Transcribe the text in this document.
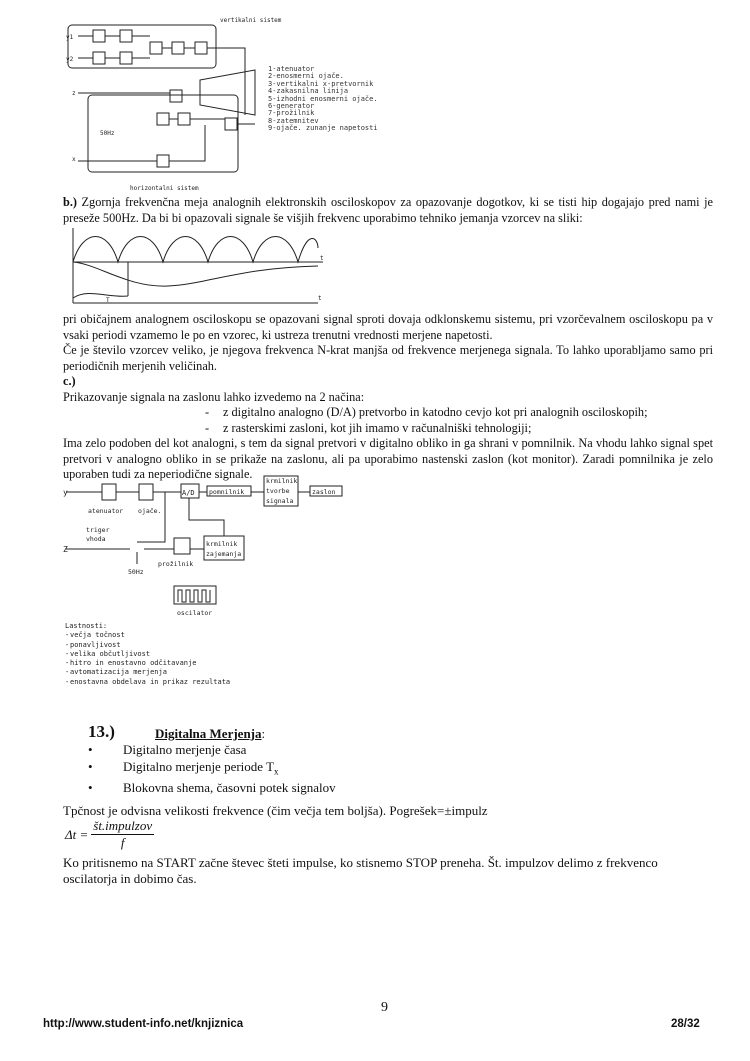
vertikalni sistem
horizontalni sistem
y1
y2
z
x
50Hz
1-atenuator
2-enosmerni ojače.
3-vertikalni x-pretvornik
4-zakasnilna linija
5-izhodni enosmerni ojače.
6-generator
7-prožilnik
8-zatemnitev
9-ojače. zunanje napetosti
b.) Zgornja frekvenčna meja analognih elektronskih osciloskopov za opazovanje dogotkov, ki se tisti hip dogajajo pred nami je preseže 500Hz. Da bi bi opazovali signale še višjih frekvenc uporabimo tehniko jemanja vzorcev na sliki:
t
T	t
pri običajnem analognem osciloskopu se opazovani signal sproti dovaja odklonskemu sistemu, pri vzorčevalnem osciloskopu pa v vsaki periodi vzamemo le po en vzorec, ki ustreza trenutni vrednosti merjene napetosti.
Če je število vzorcev veliko, je njegova frekvenca N-krat manjša od frekvence merjenega signala. To lahko uporabljamo samo pri periodičnih merjenih veličinah.
c.)
Prikazovanje signala na zaslonu lahko izvedemo na 2 načina:
- z digitalno analogno (D/A) pretvorbo in katodno cevjo kot pri analognih osciloskopih;
- z rasterskimi zasloni, kot jih imamo v računalniški tehnologiji;
Ima zelo podoben del kot analogni, s tem da signal pretvori v digitalno obliko in ga shrani v pomnilnik. Na vhodu lahko signal spet pretvori v analogno obliko in se prikaže na zaslonu, ali pa uporabimo nastenski zaslon (kot monitor). Zaradi pomnilnika je zelo uporaben tudi za neperiodične signale.
y
Z
atenuator ojače.
A/D pomnilnik
krmilnik
tvorbe
signala
zaslon
triger
vhoda
50Hz
prožilnik
krmilnik
zajemanja
oscilator
Lastnosti:
- večja točnost
- ponavljivost
- velika občutljivost
- hitro in enostavno odčitavanje
- avtomatizacija merjenja
- enostavna obdelava in prikaz rezultata
13.)	Digitalna Merjenja:
• Digitalno merjenje časa
• Digitalno merjenje periode $T_x$
• Blokovna shema, časovni potek signalov
Tpčnost je odvisna velikosti frekvence (čim večja tem boljša). Pogrešek=±impulz
Δt =
št.impulzov
f
Ko pritisnemo na START začne števec šteti impulse, ko stisnemo STOP preneha. Št. impulzov delimo z frekvenco oscilatorja in dobimo čas.
9
http://www.student-info.net/knjiznica	28/32
